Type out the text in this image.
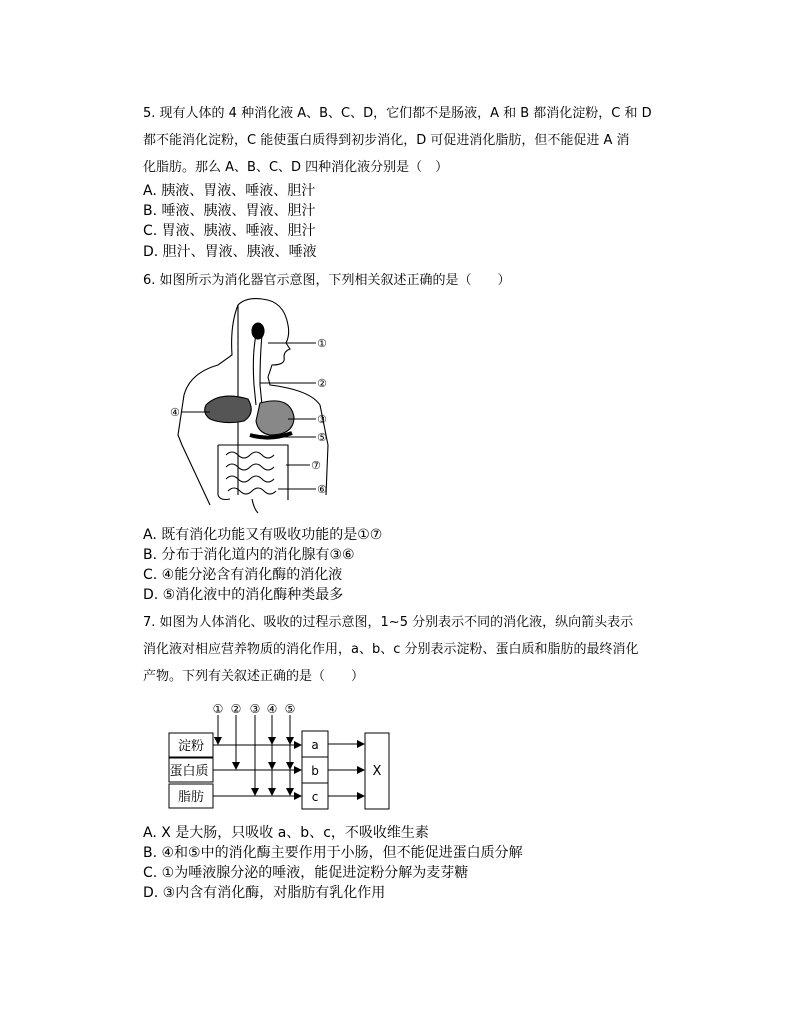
5. 现有人体的 4 种消化液 A、B、C、D，它们都不是肠液，A 和 B 都消化淀粉，C 和 D
都不能消化淀粉，C 能使蛋白质得到初步消化，D 可促进消化脂肪，但不能促进 A 消
化脂肪。那么 A、B、C、D 四种消化液分别是（　）
A. 胰液、胃液、唾液、胆汁
B. 唾液、胰液、胃液、胆汁
C. 胃液、胰液、唾液、胆汁
D. 胆汁、胃液、胰液、唾液
6. 如图所示为消化器官示意图，下列相关叙述正确的是（　　）
①
②
③
④
⑤
⑥
⑦
A. 既有消化功能又有吸收功能的是①⑦
B. 分布于消化道内的消化腺有③⑥
C. ④能分泌含有消化酶的消化液
D. ⑤消化液中的消化酶种类最多
7. 如图为人体消化、吸收的过程示意图，1~5 分别表示不同的消化液，纵向箭头表示
消化液对相应营养物质的消化作用，a、b、c 分别表示淀粉、蛋白质和脂肪的最终消化
产物。下列有关叙述正确的是（　　）
① ② ③ ④ ⑤
淀粉
蛋白质
脂肪
a
b
c
X
A. X 是大肠，只吸收 a、b、c，不吸收维生素
B. ④和⑤中的消化酶主要作用于小肠，但不能促进蛋白质分解
C. ①为唾液腺分泌的唾液，能促进淀粉分解为麦芽糖
D. ③内含有消化酶，对脂肪有乳化作用
